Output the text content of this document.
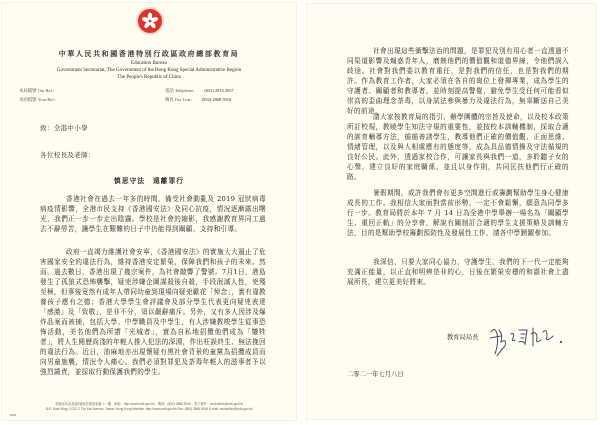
中華人民共和國香港特別行政區政府總部教育局
Education Bureau
Government Secretariat, The Government of the Hong Kong Special Administrative Region
The People's Republic of China
本局檔號 Our Ref.:
來函檔號 Your Ref.:
電話 Telephone: (852) 2810 2657
傳真 Fax Line: (852) 2868 5916
致：全港中小學
各位校長及老師：
慎思守法　遠離罪行

香港社會在過去一年多的時間，備受社會動亂及 2019 冠狀病毒病疫情影響，全港市民支持《香港國安法》及同心抗疫，情況逐漸露出曙光，我們正一步一步走出陰霾。學校是社會的縮影，我感謝教育界同工過去不辭勞苦，讓學生在艱難的日子中仍能得到關顧、支持和引導。

政府一直竭力維護社會安寧，《香港國安法》的實施大大遏止了危害國家安全的違法行為，維持香港安定繁榮，保障我們和孩子的未來。然而，過去數日，香港出現了幾宗案件，為社會敲響了警號。7月1日，港島發生了孤狼式恐怖襲擊，疑兇涉嫌企圖謀殺後自殺，手段泯滅人性，兇殘至極，但事後竟然有成年人帶同幼童到現場向疑兇獻花「悼念」，實有違教養孩子應有之德；香港大學學生會評議會及部分學生代表更向疑兇表達「感激」及「致敬」，是非不分，須以嚴辭痛斥。另外，又有多人因涉及爆炸品案而被捕，包括大學、中學職員及中學生，有人涉嫌教唆學生從事恐怖活動，美名他們為所謂「光城者」，實為自私地招攬他們成為「犧牲者」，將人生閱歷尚淺的年輕人推入犯法的深淵，作出枉誤終生、無法挽回的違法行為。近日，油麻地亦出現懷疑有黑社會背景的童黨為招攬成員而向男童施襲，情況令人痛心。我們必須對罪犯及荼毒年輕人的滋事者予以強烈譴責，並採取行動保護我們的學生。

香港添馬添美道2號政府總部東翼十一樓　網址：http://www.edb.gov.hk　傳真：(852) 2868 5916　電子郵件：secboffice@edb.gov.hk
11/F, East Wing, CGO, 2 Tim Mei Avenue, Tamar, Hong Kong Website: http://www.edb.gov.hk Fax: (852) 2868 5916 E-mail: secboffice@edb.gov.hk
EDB

社會出現這些衝擊法治的問題，是罪犯及別有用心者一直透過不同渠道影響及煽惑青年人，磨蝕他們的價值觀和道德界線，令他們誤入歧途。社會對我們委以教育重任，是對我們的信任，也是對我們的期許。作為教育工作者，大家必須在各自的崗位上發揮專業，成為學生的守護者、關顧者和教導者，並時刻提高警覺，避免學生受任何可能看似崇高的歪曲理念荼毒，以身試法參與暴力及違法行為，無辜斷送自己美好的前途。

請大家按教育局的指引、辦學團體的宗旨及使命，以及校本政策所訂校規，教曉學生知法守規的重要性，並按校本訓輔機制，採取合適的訓育輔導方法，循循善誘學生，教導他們正確的價值觀、正面思維、情緒管理，以及與人相處應有的態度等，成為具品德情操及守法循規的良好公民。此外，透過家校合作，可讓家長與我們一道，多聆聽子女的心聲，建立良好的家庭關係，並且以身作則，共同匡扶他們行正確的路。

暑假期間，或許我們會有更多空間進行或籌劃幫助學生身心健康成長的工作。我相信大家面對當前形勢，一定不會鬆懈，願意為同學多行一步。教育局將於本年 7 月 14 日為全港中學舉辦一場名為「關顧學生、重回正軌」的分享會，解說有關制訂合適的學生支援策略及訓輔方法，目的是幫助學校籌劃預防性及發展性工作，請各中學踴躍參加。

我深信，只要大家同心協力，守護學生，我們的下一代一定能夠充滿正能量，以正直和明辨是非的心，日後在繁榮安穩的和諧社會上盡展所長，建立更美好將來。

教育局局長
二零二一年七月八日
